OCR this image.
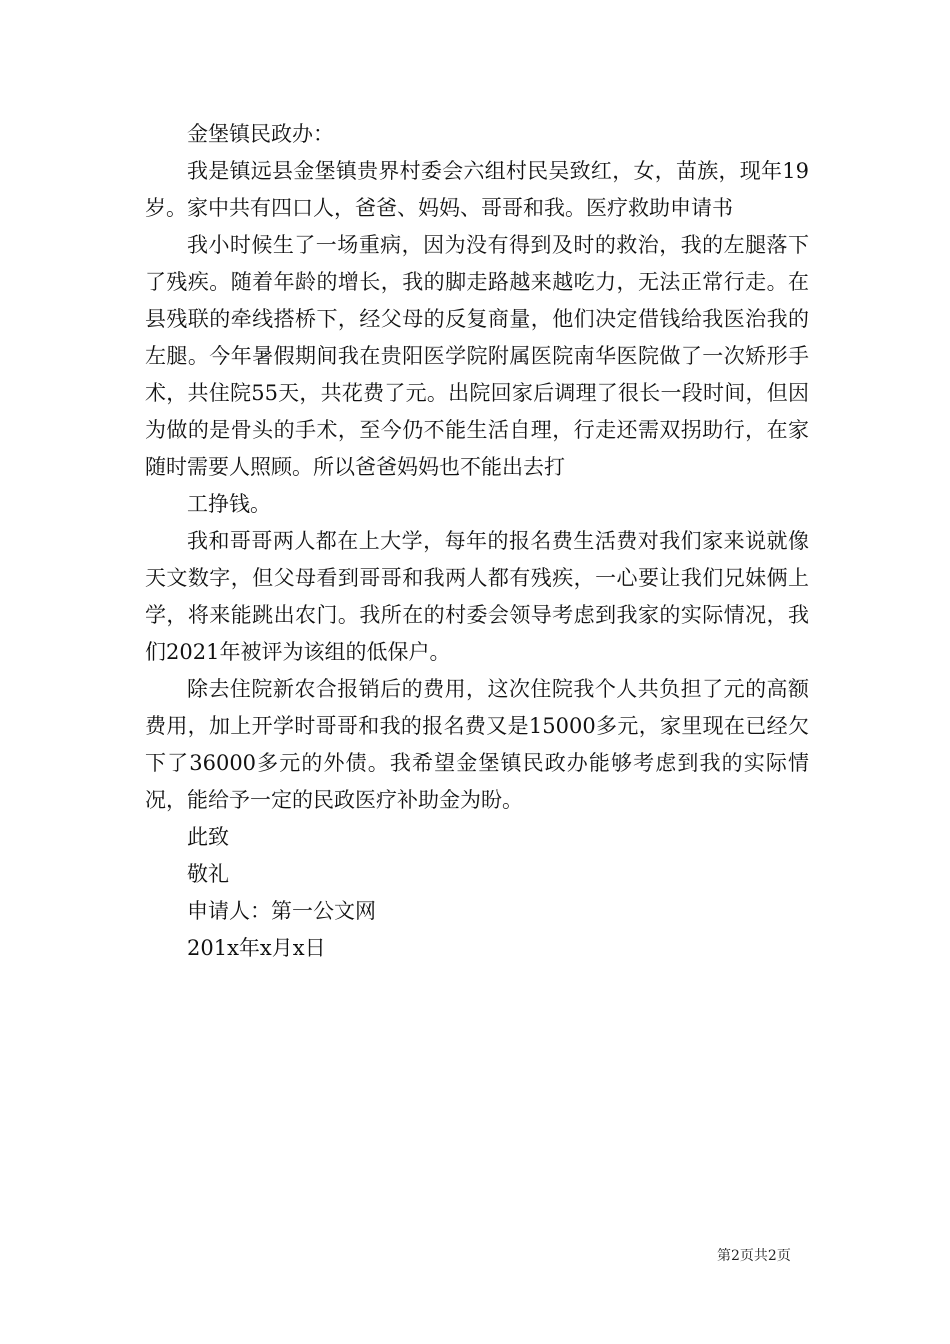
金堡镇民政办：

我是镇远县金堡镇贵界村委会六组村民吴致红，女，苗族，现年19岁。家中共有四口人，爸爸、妈妈、哥哥和我。医疗救助申请书

我小时候生了一场重病，因为没有得到及时的救治，我的左腿落下了残疾。随着年龄的增长，我的脚走路越来越吃力，无法正常行走。在县残联的牵线搭桥下，经父母的反复商量，他们决定借钱给我医治我的左腿。今年暑假期间我在贵阳医学院附属医院南华医院做了一次矫形手术，共住院55天，共花费了元。出院回家后调理了很长一段时间，但因为做的是骨头的手术，至今仍不能生活自理，行走还需双拐助行，在家随时需要人照顾。所以爸爸妈妈也不能出去打

工挣钱。

我和哥哥两人都在上大学，每年的报名费生活费对我们家来说就像天文数字，但父母看到哥哥和我两人都有残疾，一心要让我们兄妹俩上学，将来能跳出农门。我所在的村委会领导考虑到我家的实际情况，我们2021年被评为该组的低保户。

除去住院新农合报销后的费用，这次住院我个人共负担了元的高额费用，加上开学时哥哥和我的报名费又是15000多元，家里现在已经欠下了36000多元的外债。我希望金堡镇民政办能够考虑到我的实际情况，能给予一定的民政医疗补助金为盼。

此致

敬礼

申请人：第一公文网

201x年x月x日

第2页共2页
